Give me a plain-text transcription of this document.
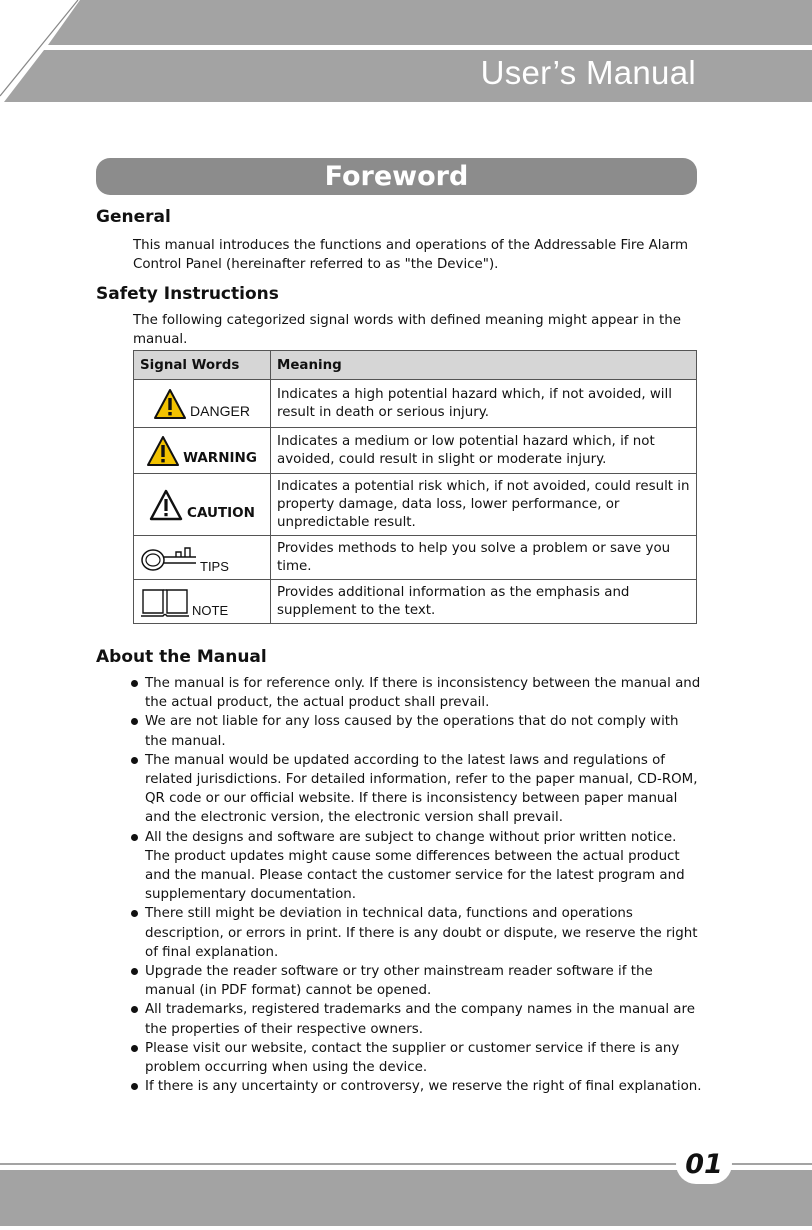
User’s Manual
Foreword
General

This manual introduces the functions and operations of the Addressable Fire Alarm Control Panel (hereinafter referred to as "the Device").

Safety Instructions

The following categorized signal words with defined meaning might appear in the manual.

Signal Words	Meaning

DANGER	Indicates a high potential hazard which, if not avoided, will result in death or serious injury.

WARNING	Indicates a medium or low potential hazard which, if not avoided, could result in slight or moderate injury.

CAUTION	Indicates a potential risk which, if not avoided, could result in property damage, data loss, lower performance, or unpredictable result.

TIPS	Provides methods to help you solve a problem or save you time.

NOTE	Provides additional information as the emphasis and supplement to the text.
About the Manual
The manual is for reference only. If there is inconsistency between the manual and the actual product, the actual product shall prevail.
We are not liable for any loss caused by the operations that do not comply with the manual.
The manual would be updated according to the latest laws and regulations of related jurisdictions. For detailed information, refer to the paper manual, CD-ROM, QR code or our official website. If there is inconsistency between paper manual and the electronic version, the electronic version shall prevail.
All the designs and software are subject to change without prior written notice. The product updates might cause some differences between the actual product and the manual. Please contact the customer service for the latest program and supplementary documentation.
There still might be deviation in technical data, functions and operations description, or errors in print. If there is any doubt or dispute, we reserve the right of final explanation.
Upgrade the reader software or try other mainstream reader software if the manual (in PDF format) cannot be opened.
All trademarks, registered trademarks and the company names in the manual are the properties of their respective owners.
Please visit our website, contact the supplier or customer service if there is any problem occurring when using the device.
If there is any uncertainty or controversy, we reserve the right of final explanation.
01
